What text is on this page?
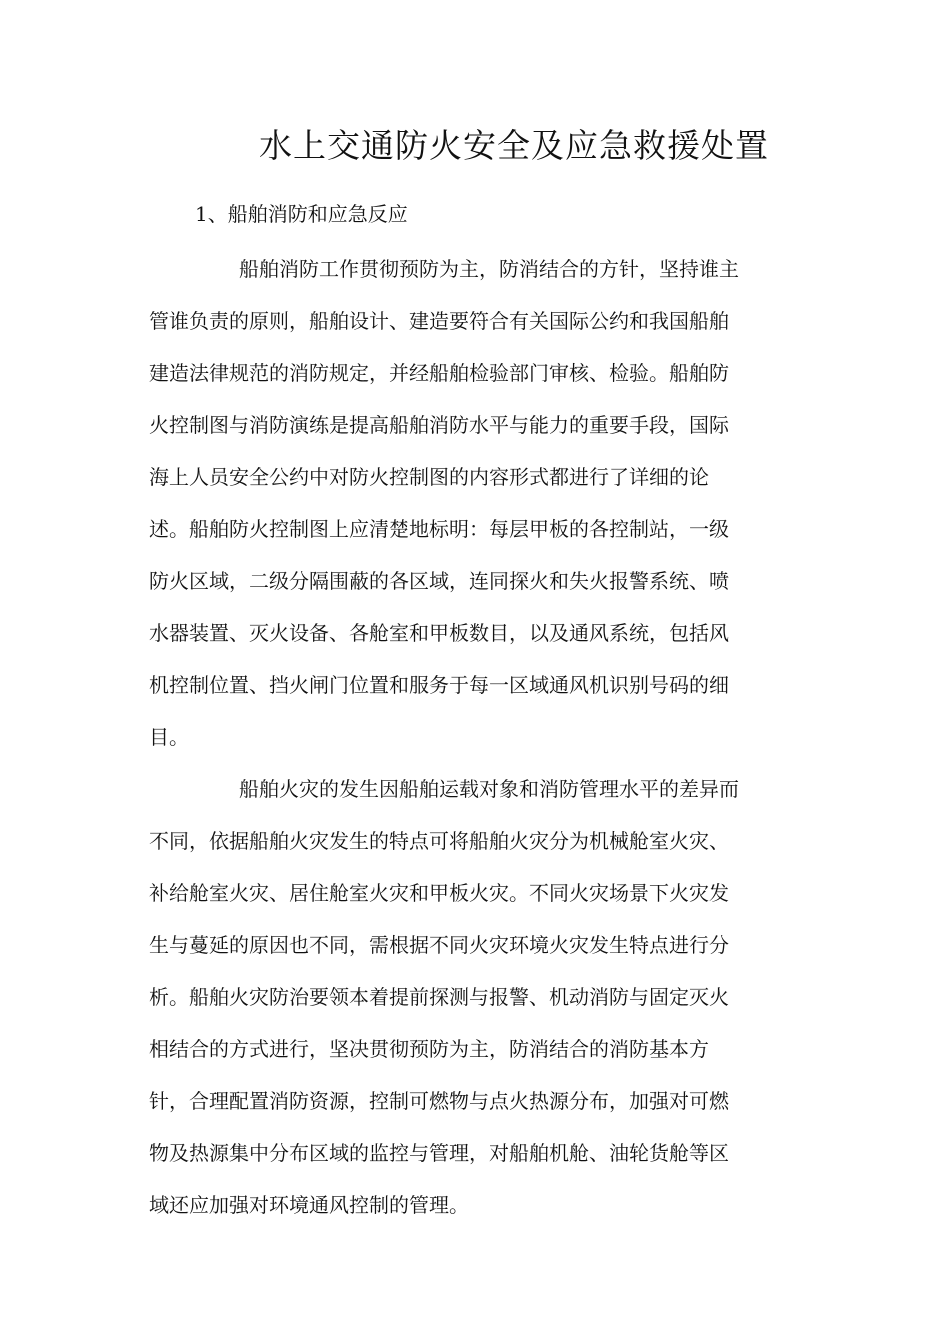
水上交通防火安全及应急救援处置
1、船舶消防和应急反应

船舶消防工作贯彻预防为主，防消结合的方针，坚持谁主

管谁负责的原则，船舶设计、建造要符合有关国际公约和我国船舶

建造法律规范的消防规定，并经船舶检验部门审核、检验。船舶防

火控制图与消防演练是提高船舶消防水平与能力的重要手段，国际

海上人员安全公约中对防火控制图的内容形式都进行了详细的论

述。船舶防火控制图上应清楚地标明：每层甲板的各控制站，一级

防火区域，二级分隔围蔽的各区域，连同探火和失火报警系统、喷

水器装置、灭火设备、各舱室和甲板数目，以及通风系统，包括风

机控制位置、挡火闸门位置和服务于每一区域通风机识别号码的细

目。

船舶火灾的发生因船舶运载对象和消防管理水平的差异而

不同，依据船舶火灾发生的特点可将船舶火灾分为机械舱室火灾、

补给舱室火灾、居住舱室火灾和甲板火灾。不同火灾场景下火灾发

生与蔓延的原因也不同，需根据不同火灾环境火灾发生特点进行分

析。船舶火灾防治要领本着提前探测与报警、机动消防与固定灭火

相结合的方式进行，坚决贯彻预防为主，防消结合的消防基本方

针，合理配置消防资源，控制可燃物与点火热源分布，加强对可燃

物及热源集中分布区域的监控与管理，对船舶机舱、油轮货舱等区

域还应加强对环境通风控制的管理。
